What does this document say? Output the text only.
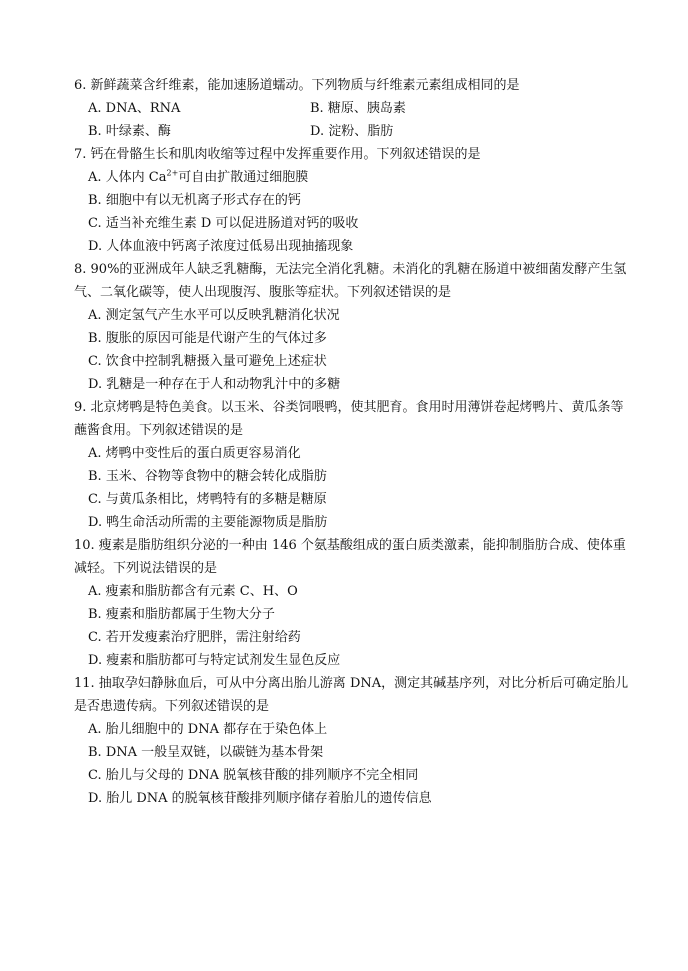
6. 新鲜蔬菜含纤维素，能加速肠道蠕动。下列物质与纤维素元素组成相同的是
A. DNA、RNA	B. 糖原、胰岛素
B. 叶绿素、酶	D. 淀粉、脂肪
7. 钙在骨骼生长和肌肉收缩等过程中发挥重要作用。下列叙述错误的是
A. 人体内 $Ca^{2+}$可自由扩散通过细胞膜
B. 细胞中有以无机离子形式存在的钙
C. 适当补充维生素 D 可以促进肠道对钙的吸收
D. 人体血液中钙离子浓度过低易出现抽搐现象
8. 90%的亚洲成年人缺乏乳糖酶，无法完全消化乳糖。未消化的乳糖在肠道中被细菌发酵产生氢气、二氧化碳等，使人出现腹泻、腹胀等症状。下列叙述错误的是
A. 测定氢气产生水平可以反映乳糖消化状况
B. 腹胀的原因可能是代谢产生的气体过多
C. 饮食中控制乳糖摄入量可避免上述症状
D. 乳糖是一种存在于人和动物乳汁中的多糖
9. 北京烤鸭是特色美食。以玉米、谷类饲喂鸭，使其肥育。食用时用薄饼卷起烤鸭片、黄瓜条等蘸酱食用。下列叙述错误的是
A. 烤鸭中变性后的蛋白质更容易消化
B. 玉米、谷物等食物中的糖会转化成脂肪
C. 与黄瓜条相比，烤鸭特有的多糖是糖原
D. 鸭生命活动所需的主要能源物质是脂肪
10. 瘦素是脂肪组织分泌的一种由 146 个氨基酸组成的蛋白质类激素，能抑制脂肪合成、使体重减轻。下列说法错误的是
A. 瘦素和脂肪都含有元素 C、H、O
B. 瘦素和脂肪都属于生物大分子
C. 若开发瘦素治疗肥胖，需注射给药
D. 瘦素和脂肪都可与特定试剂发生显色反应
11. 抽取孕妇静脉血后，可从中分离出胎儿游离 DNA，测定其碱基序列，对比分析后可确定胎儿是否患遗传病。下列叙述错误的是
A. 胎儿细胞中的 DNA 都存在于染色体上
B. DNA 一般呈双链，以碳链为基本骨架
C. 胎儿与父母的 DNA 脱氧核苷酸的排列顺序不完全相同
D. 胎儿 DNA 的脱氧核苷酸排列顺序储存着胎儿的遗传信息
